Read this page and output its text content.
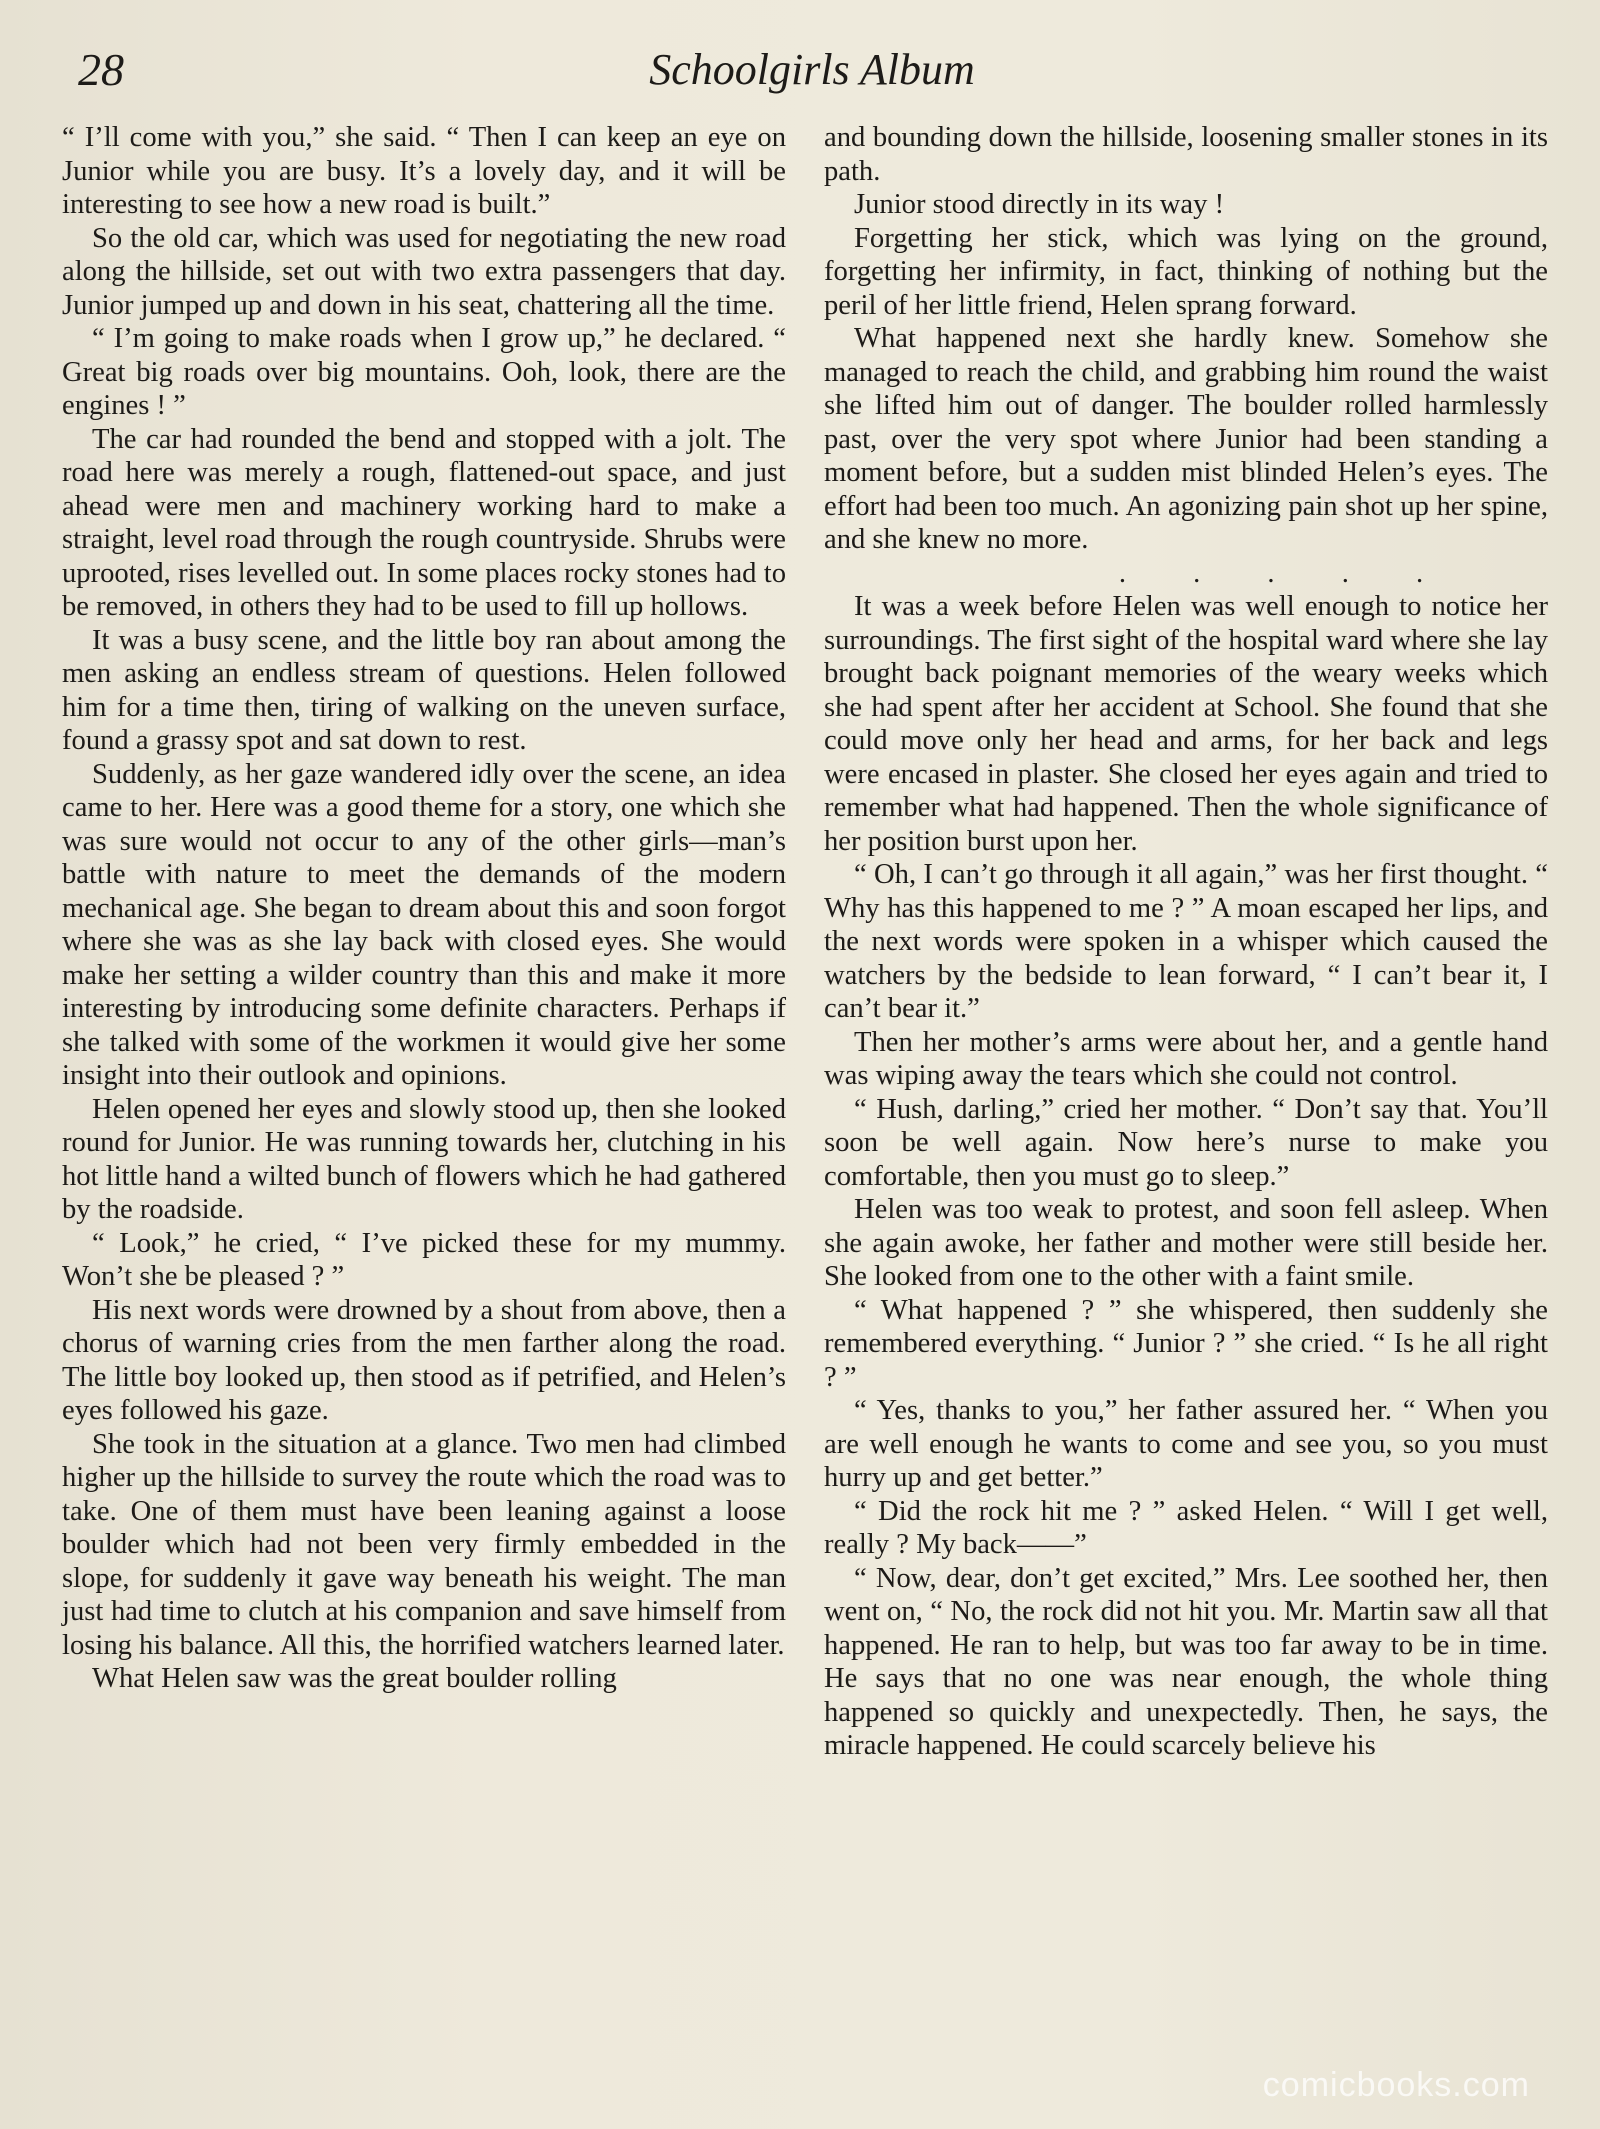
Schoolgirls Album
28

“ I’ll come with you,” she said. “ Then I can keep an eye on Junior while you are busy. It’s a lovely day, and it will be interesting to see how a new road is built.”

So the old car, which was used for negotiating the new road along the hillside, set out with two extra passengers that day. Junior jumped up and down in his seat, chattering all the time.

“ I’m going to make roads when I grow up,” he declared. “ Great big roads over big mountains. Ooh, look, there are the engines ! ”

The car had rounded the bend and stopped with a jolt. The road here was merely a rough, flattened-out space, and just ahead were men and machinery working hard to make a straight, level road through the rough countryside. Shrubs were uprooted, rises levelled out. In some places rocky stones had to be removed, in others they had to be used to fill up hollows.

It was a busy scene, and the little boy ran about among the men asking an endless stream of questions. Helen followed him for a time then, tiring of walking on the uneven surface, found a grassy spot and sat down to rest.

Suddenly, as her gaze wandered idly over the scene, an idea came to her. Here was a good theme for a story, one which she was sure would not occur to any of the other girls—man’s battle with nature to meet the demands of the modern mechanical age. She began to dream about this and soon forgot where she was as she lay back with closed eyes. She would make her setting a wilder country than this and make it more interesting by introducing some definite characters. Perhaps if she talked with some of the workmen it would give her some insight into their outlook and opinions.

Helen opened her eyes and slowly stood up, then she looked round for Junior. He was running towards her, clutching in his hot little hand a wilted bunch of flowers which he had gathered by the roadside.

“ Look,” he cried, “ I’ve picked these for my mummy. Won’t she be pleased ? ”

His next words were drowned by a shout from above, then a chorus of warning cries from the men farther along the road. The little boy looked up, then stood as if petrified, and Helen’s eyes followed his gaze.

She took in the situation at a glance. Two men had climbed higher up the hillside to survey the route which the road was to take. One of them must have been leaning against a loose boulder which had not been very firmly embedded in the slope, for suddenly it gave way beneath his weight. The man just had time to clutch at his companion and save himself from losing his balance. All this, the horrified watchers learned later.

What Helen saw was the great boulder rolling

and bounding down the hillside, loosening smaller stones in its path.

Junior stood directly in its way !

Forgetting her stick, which was lying on the ground, forgetting her infirmity, in fact, thinking of nothing but the peril of her little friend, Helen sprang forward.

What happened next she hardly knew. Somehow she managed to reach the child, and grabbing him round the waist she lifted him out of danger. The boulder rolled harmlessly past, over the very spot where Junior had been standing a moment before, but a sudden mist blinded Helen’s eyes. The effort had been too much. An agonizing pain shot up her spine, and she knew no more.

. . . . .

It was a week before Helen was well enough to notice her surroundings. The first sight of the hospital ward where she lay brought back poignant memories of the weary weeks which she had spent after her accident at School. She found that she could move only her head and arms, for her back and legs were encased in plaster. She closed her eyes again and tried to remember what had happened. Then the whole significance of her position burst upon her.

“ Oh, I can’t go through it all again,” was her first thought. “ Why has this happened to me ? ” A moan escaped her lips, and the next words were spoken in a whisper which caused the watchers by the bedside to lean forward, “ I can’t bear it, I can’t bear it.”

Then her mother’s arms were about her, and a gentle hand was wiping away the tears which she could not control.

“ Hush, darling,” cried her mother. “ Don’t say that. You’ll soon be well again. Now here’s nurse to make you comfortable, then you must go to sleep.”

Helen was too weak to protest, and soon fell asleep. When she again awoke, her father and mother were still beside her. She looked from one to the other with a faint smile.

“ What happened ? ” she whispered, then suddenly she remembered everything. “ Junior ? ” she cried. “ Is he all right ? ”

“ Yes, thanks to you,” her father assured her. “ When you are well enough he wants to come and see you, so you must hurry up and get better.”

“ Did the rock hit me ? ” asked Helen. “ Will I get well, really ? My back——”

“ Now, dear, don’t get excited,” Mrs. Lee soothed her, then went on, “ No, the rock did not hit you. Mr. Martin saw all that happened. He ran to help, but was too far away to be in time. He says that no one was near enough, the whole thing happened so quickly and unexpectedly. Then, he says, the miracle happened. He could scarcely believe his

comicbooks.com
